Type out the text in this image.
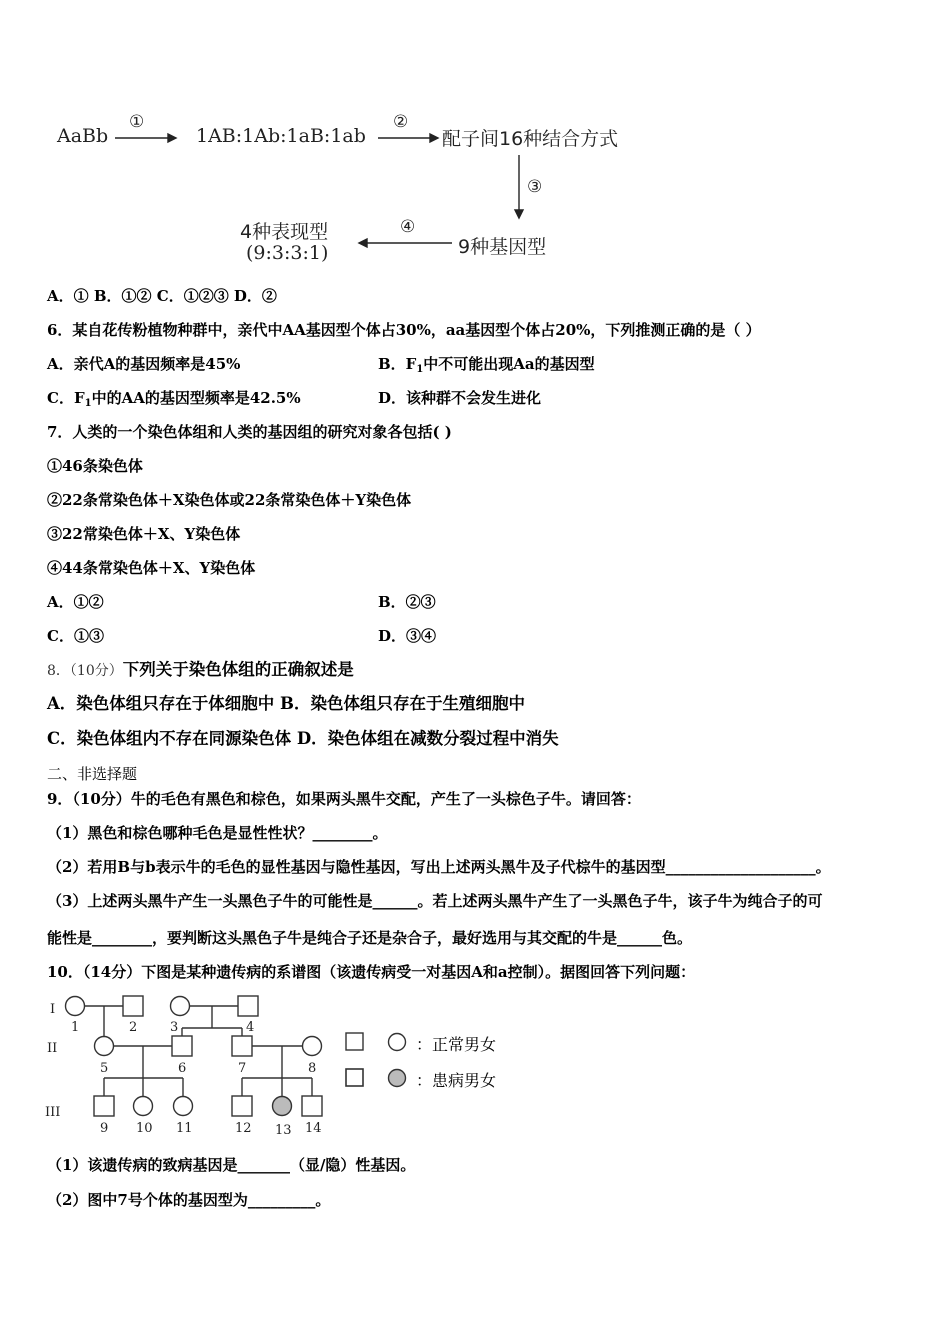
AaBb
①
1AB:1Ab:1aB:1ab
②
配子间16种结合方式
③
9种基因型
④
4种表现型
(9:3:3:1)
A．① B．①② C．①②③ D．②
6．某自花传粉植物种群中，亲代中AA基因型个体占30%，aa基因型个体占20%，下列推测正确的是（ ）
A．亲代A的基因频率是45%	B．$F_1$中不可能出现Aa的基因型
C．$F_1$中的AA的基因型频率是42.5%	D．该种群不会发生进化
7．人类的一个染色体组和人类的基因组的研究对象各包括( )
①46条染色体
②22条常染色体＋X染色体或22条常染色体＋Y染色体
③22常染色体＋X、Y染色体
④44条常染色体＋X、Y染色体
A．①②	B．②③
C．①③	D．③④
8．（10分）下列关于染色体组的正确叙述是
A．染色体组只存在于体细胞中 B．染色体组只存在于生殖细胞中
C．染色体组内不存在同源染色体 D．染色体组在减数分裂过程中消失
二、非选择题
9．（10分）牛的毛色有黑色和棕色，如果两头黑牛交配，产生了一头棕色子牛。请回答：
（1）黑色和棕色哪种毛色是显性性状？________。
（2）若用B与b表示牛的毛色的显性基因与隐性基因，写出上述两头黑牛及子代棕牛的基因型____________________。
（3）上述两头黑牛产生一头黑色子牛的可能性是______。若上述两头黑牛产生了一头黑色子牛，该子牛为纯合子的可
能性是________，要判断这头黑色子牛是纯合子还是杂合子，最好选用与其交配的牛是______色。
10．（14分）下图是某种遗传病的系谱图（该遗传病受一对基因A和a控制）。据图回答下列问题：
I
II
III
1	2	3	4
5	6	7	8
9 10 11	12 13 14
：正常男女
：患病男女
（1）该遗传病的致病基因是_______（显/隐）性基因。
（2）图中7号个体的基因型为_________。
